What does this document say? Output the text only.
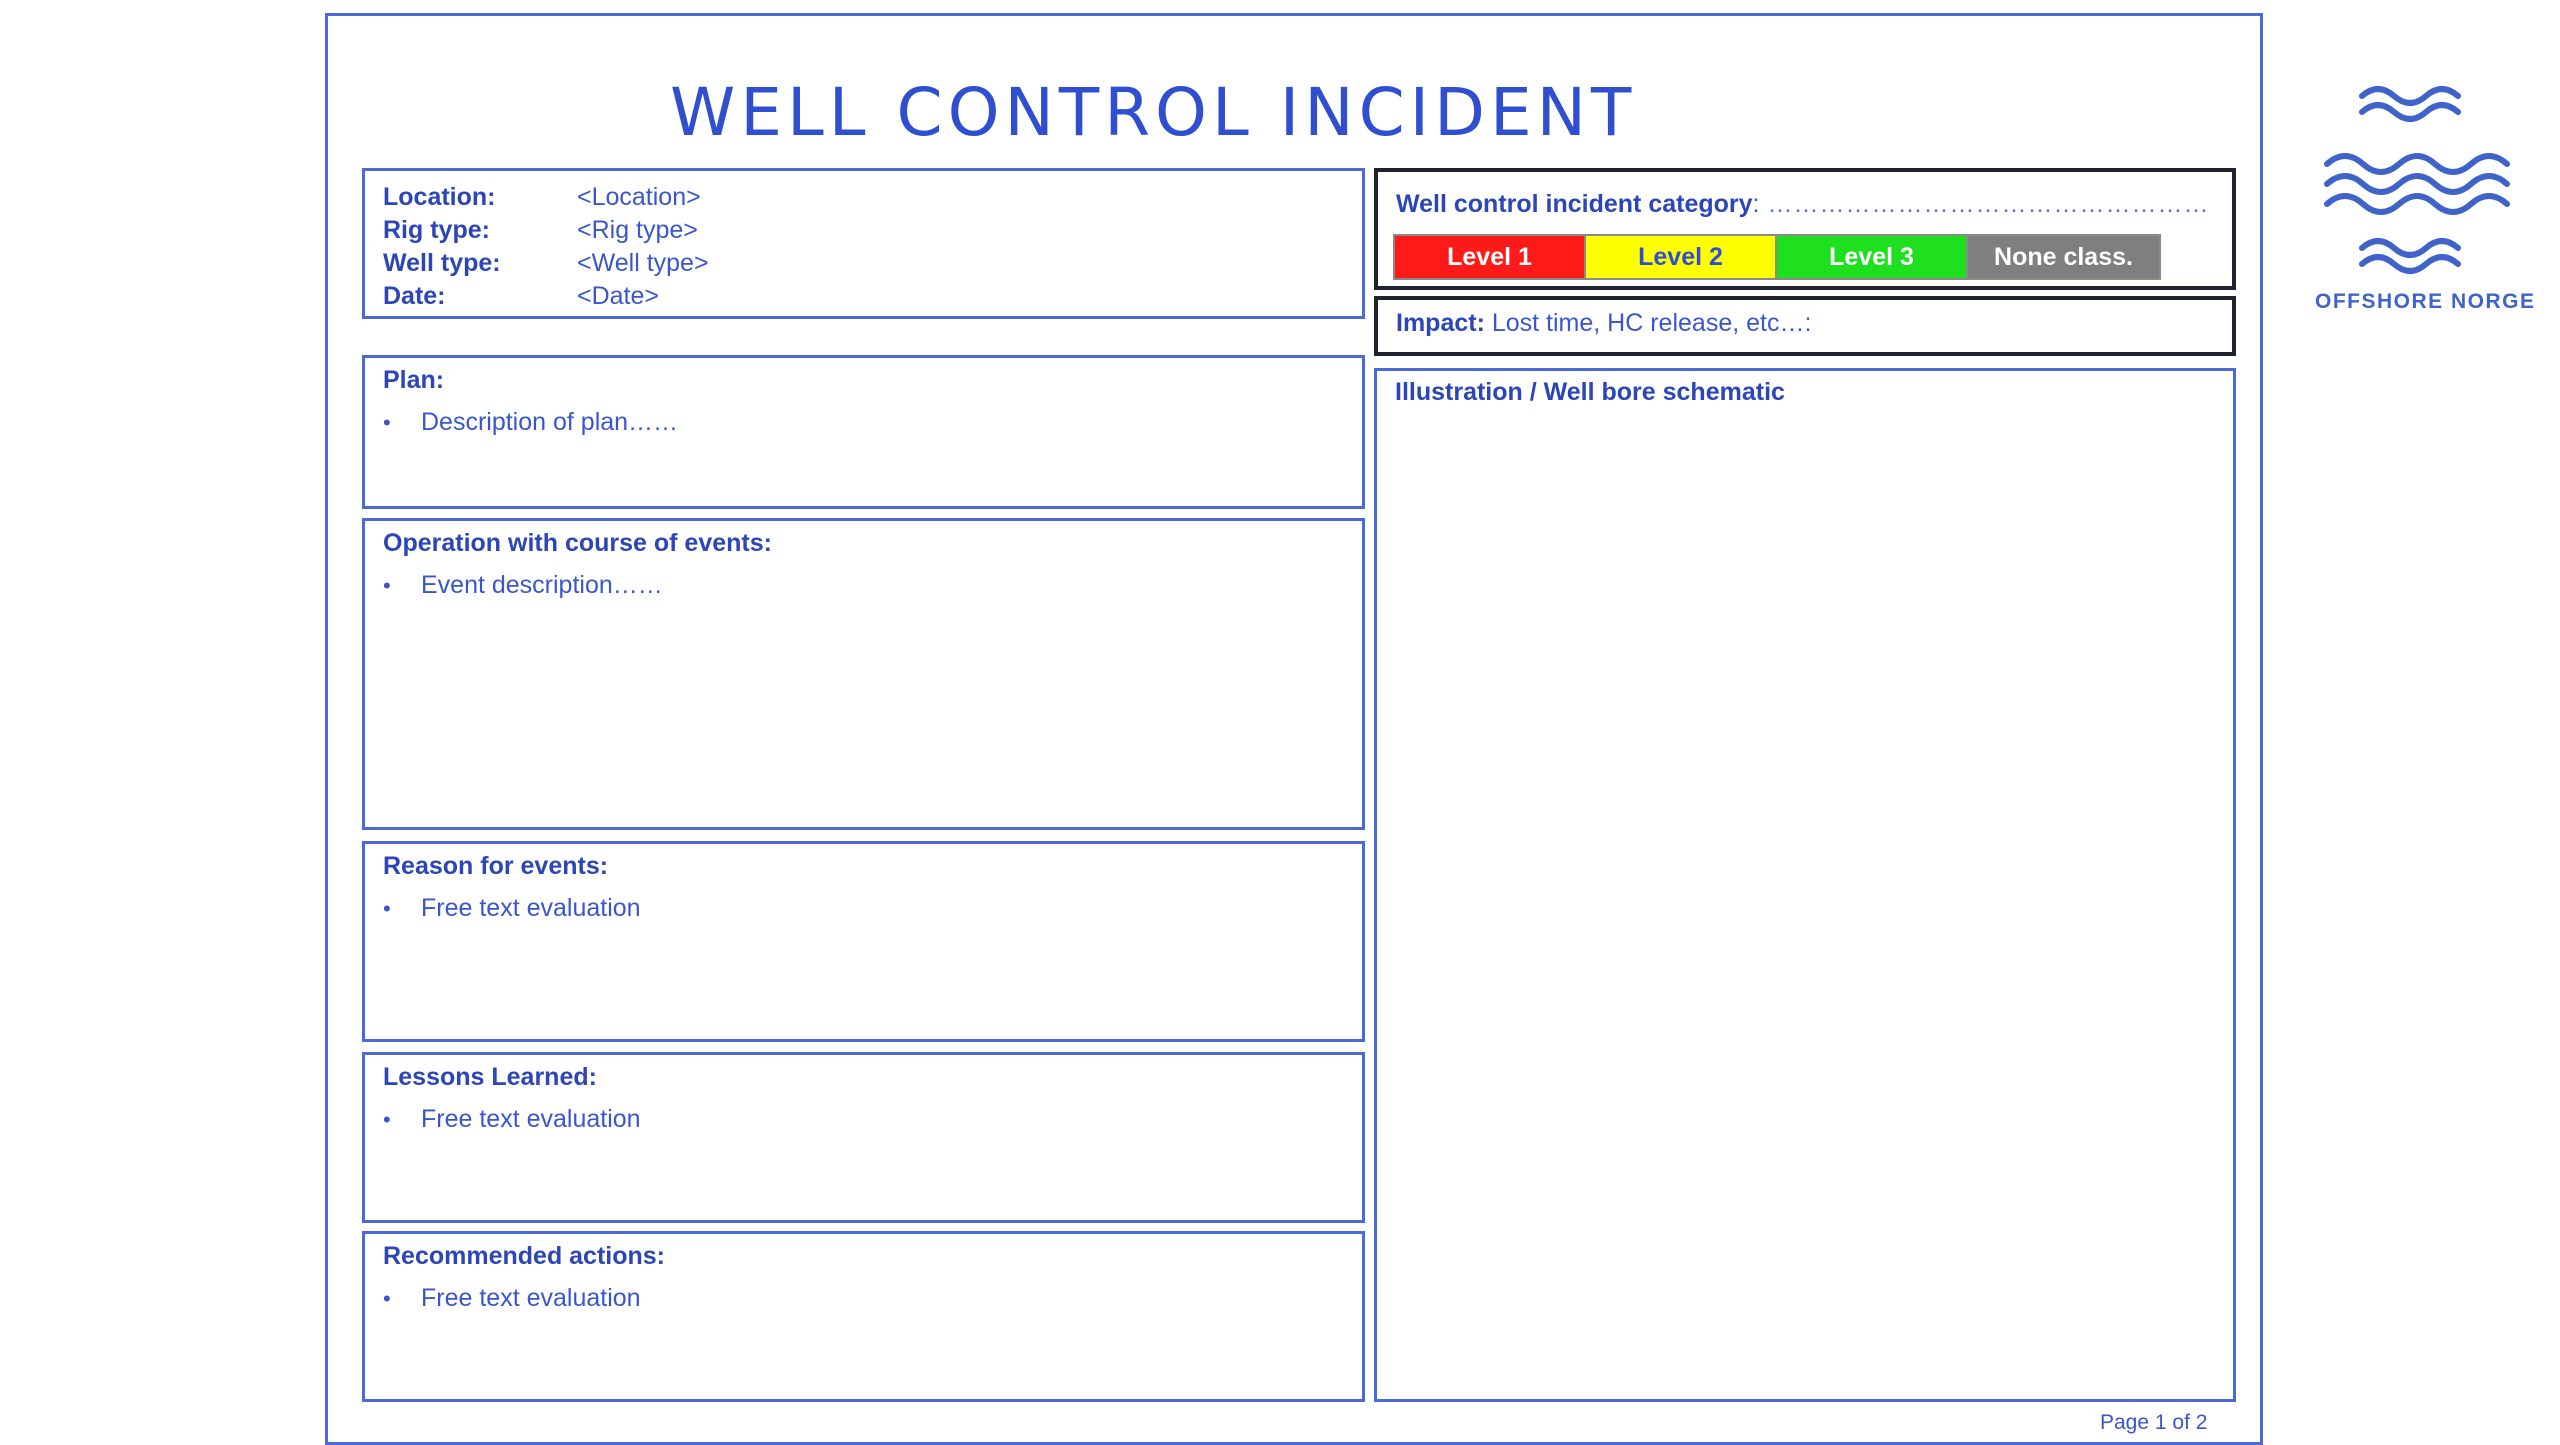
WELL CONTROL INCIDENT
Location:	<Location>
Rig type:	<Rig type>
Well type:	<Well type>
Date:	<Date>
Plan:
• Description of plan……
Operation with course of events:
• Event description……
Reason for events:
• Free text evaluation
Lessons Learned:
• Free text evaluation
Recommended actions:
• Free text evaluation
Well control incident category: ……………………………………………
Level 1	Level 2	Level 3	None class.
Impact: Lost time, HC release, etc…:
Illustration / Well bore schematic
OFFSHORE NORGE
Page 1 of 2
